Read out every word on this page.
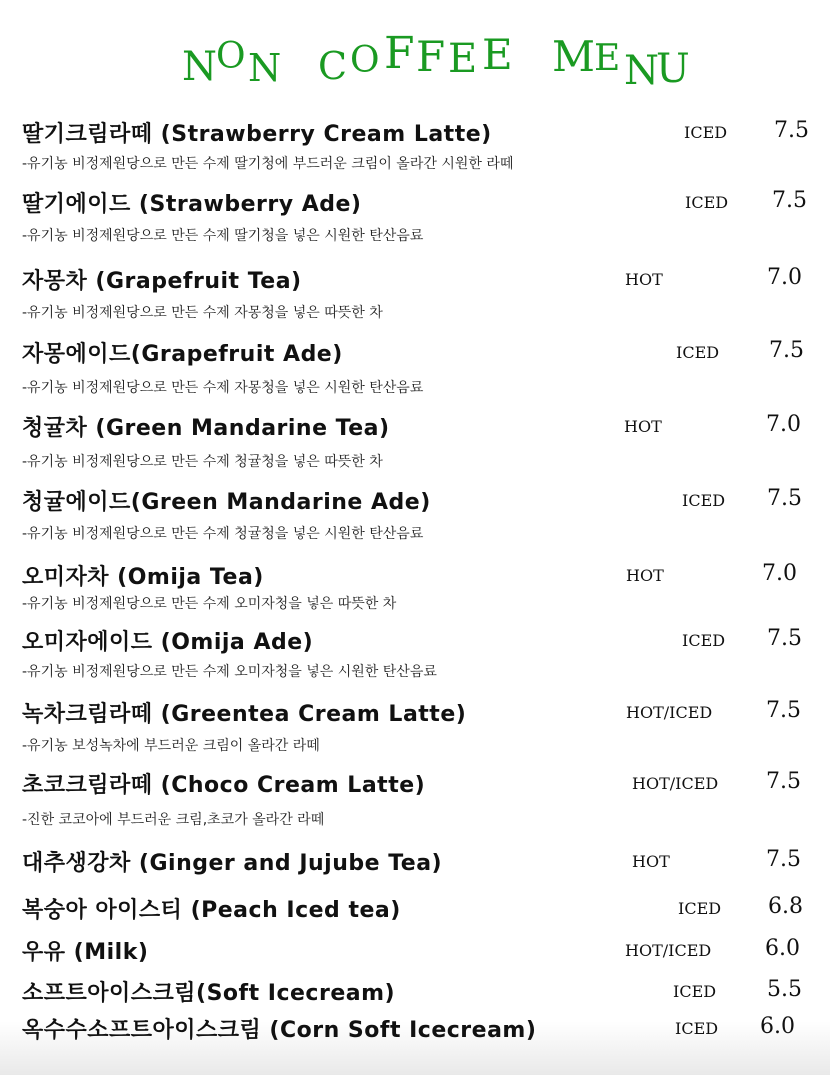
N O N C O F F E E M
E N
U
딸기크림라떼 (Strawberry Cream Latte)
-유기농 비정제원당으로 만든 수제 딸기청에 부드러운 크림이 올라간 시원한 라떼
ICED 7.5
딸기에이드 (Strawberry Ade)
-유기농 비정제원당으로 만든 수제 딸기청을 넣은 시원한 탄산음료
ICED 7.5
자몽차 (Grapefruit Tea)
-유기농 비정제원당으로 만든 수제 자몽청을 넣은 따뜻한 차
HOT	7.0
자몽에이드(Grapefruit Ade)
-유기농 비정제원당으로 만든 수제 자몽청을 넣은 시원한 탄산음료
ICED 7.5
청귤차 (Green Mandarine Tea)
-유기농 비정제원당으로 만든 수제 청귤청을 넣은 따뜻한 차
HOT	7.0
청귤에이드(Green Mandarine Ade)
-유기농 비정제원당으로 만든 수제 청귤청을 넣은 시원한 탄산음료
ICED 7.5
오미자차 (Omija Tea)
-유기농 비정제원당으로 만든 수제 오미자청을 넣은 따뜻한 차
HOT	7.0
오미자에이드 (Omija Ade)
-유기농 비정제원당으로 만든 수제 오미자청을 넣은 시원한 탄산음료
ICED 7.5
녹차크림라떼 (Greentea Cream Latte)
-유기농 보성녹차에 부드러운 크림이 올라간 라떼
HOT/ICED 7.5
초코크림라떼 (Choco Cream Latte)
-진한 코코아에 부드러운 크림,초코가 올라간 라떼
HOT/ICED 7.5
대추생강차 (Ginger and Jujube Tea)	HOT	7.5
복숭아 아이스티 (Peach Iced tea)	ICED 6.8
우유 (Milk)	HOT/ICED 6.0
소프트아이스크림(Soft Icecream)	ICED 5.5
옥수수소프트아이스크림 (Corn Soft Icecream)	ICED 6.0
